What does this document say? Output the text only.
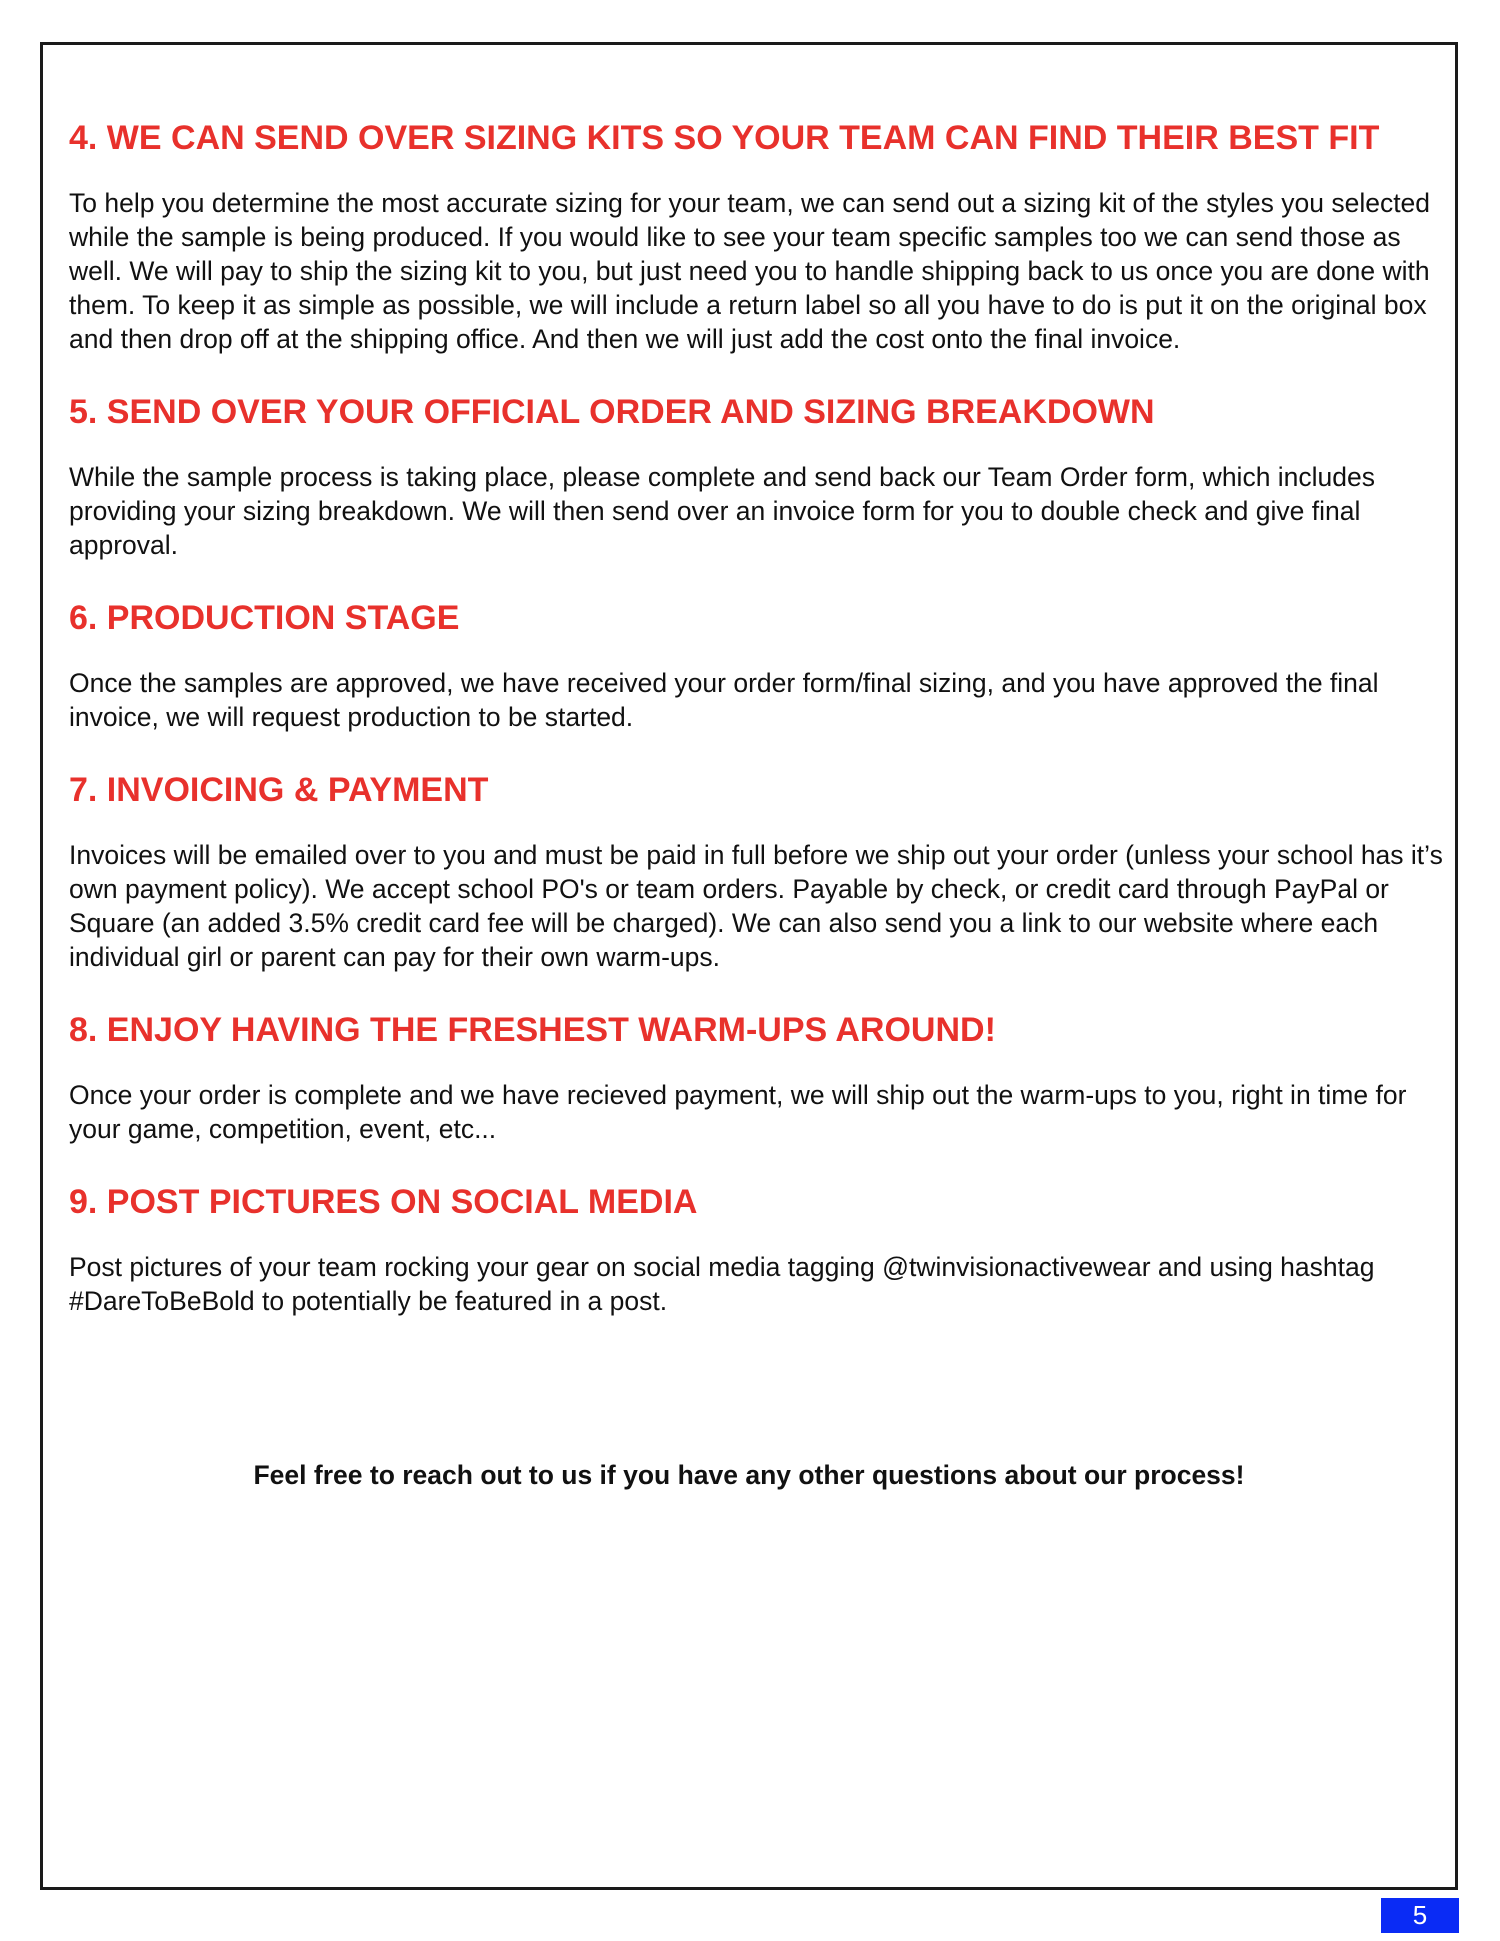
4. WE CAN SEND OVER SIZING KITS SO YOUR TEAM CAN FIND THEIR BEST FIT

To help you determine the most accurate sizing for your team, we can send out a sizing kit of the styles you selected while the sample is being produced. If you would like to see your team specific samples too we can send those as well. We will pay to ship the sizing kit to you, but just need you to handle shipping back to us once you are done with them. To keep it as simple as possible, we will include a return label so all you have to do is put it on the original box and then drop off at the shipping office. And then we will just add the cost onto the final invoice.

5. SEND OVER YOUR OFFICIAL ORDER AND SIZING BREAKDOWN

While the sample process is taking place, please complete and send back our Team Order form, which includes providing your sizing breakdown. We will then send over an invoice form for you to double check and give final approval.

6. PRODUCTION STAGE

Once the samples are approved, we have received your order form/final sizing, and you have approved the final invoice, we will request production to be started.

7. INVOICING & PAYMENT

Invoices will be emailed over to you and must be paid in full before we ship out your order (unless your school has it’s own payment policy). We accept school PO's or team orders. Payable by check, or credit card through PayPal or Square (an added 3.5% credit card fee will be charged). We can also send you a link to our website where each individual girl or parent can pay for their own warm-ups.

8. ENJOY HAVING THE FRESHEST WARM-UPS AROUND!

Once your order is complete and we have recieved payment, we will ship out the warm-ups to you, right in time for your game, competition, event, etc...

9. POST PICTURES ON SOCIAL MEDIA

Post pictures of your team rocking your gear on social media tagging @twinvisionactivewear and using hashtag #DareToBeBold to potentially be featured in a post.

Feel free to reach out to us if you have any other questions about our process!
5
